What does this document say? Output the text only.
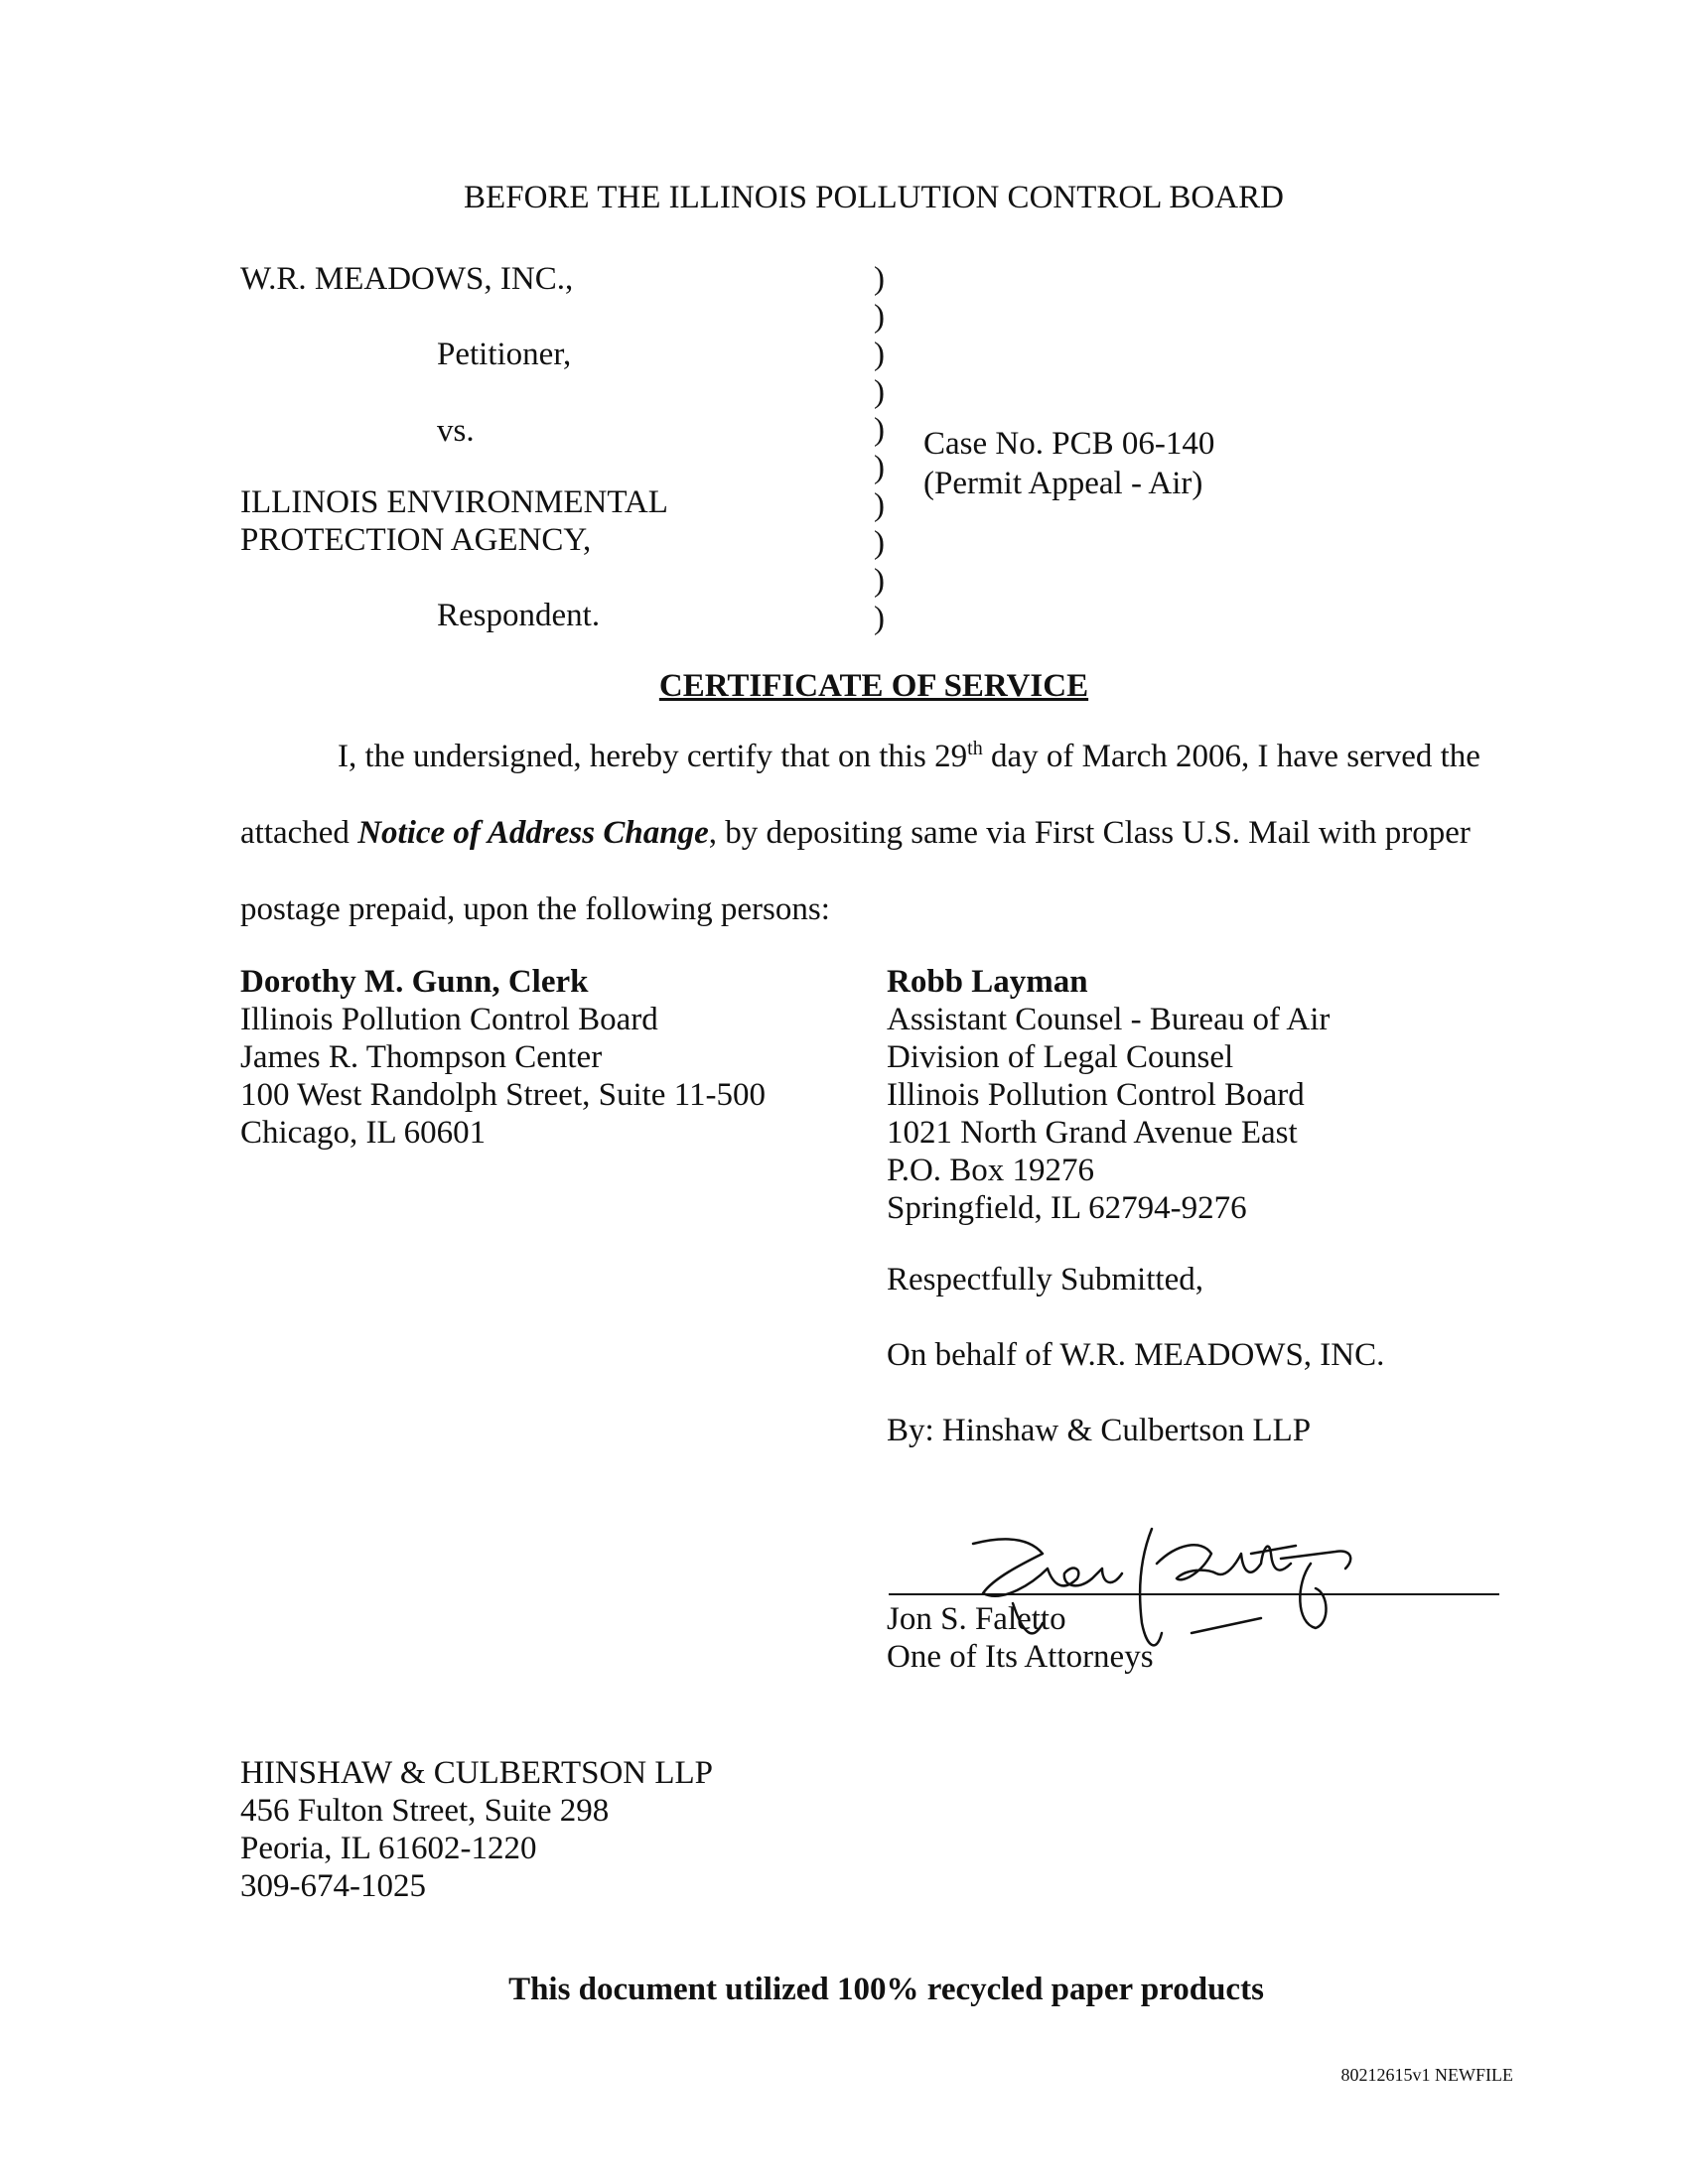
BEFORE THE ILLINOIS POLLUTION CONTROL BOARD
W.R. MEADOWS, INC.,
Petitioner,
vs.
ILLINOIS ENVIRONMENTAL
PROTECTION AGENCY,
Respondent.
)
)
)
)
)
)
)
)
)
)
Case No. PCB 06-140
(Permit Appeal - Air)
CERTIFICATE OF SERVICE
I, the undersigned, hereby certify that on this 29th day of March 2006, I have served the
attached Notice of Address Change, by depositing same via First Class U.S. Mail with proper
postage prepaid, upon the following persons:
Dorothy M. Gunn, Clerk
Illinois Pollution Control Board
James R. Thompson Center
100 West Randolph Street, Suite 11-500
Chicago, IL 60601
Robb Layman
Assistant Counsel - Bureau of Air
Division of Legal Counsel
Illinois Pollution Control Board
1021 North Grand Avenue East
P.O. Box 19276
Springfield, IL 62794-9276
Respectfully Submitted,
On behalf of W.R. MEADOWS, INC.
By: Hinshaw & Culbertson LLP
Jon S. Faletto
One of Its Attorneys
HINSHAW & CULBERTSON LLP
456 Fulton Street, Suite 298
Peoria, IL 61602-1220
309-674-1025
This document utilized 100% recycled paper products
80212615v1 NEWFILE
